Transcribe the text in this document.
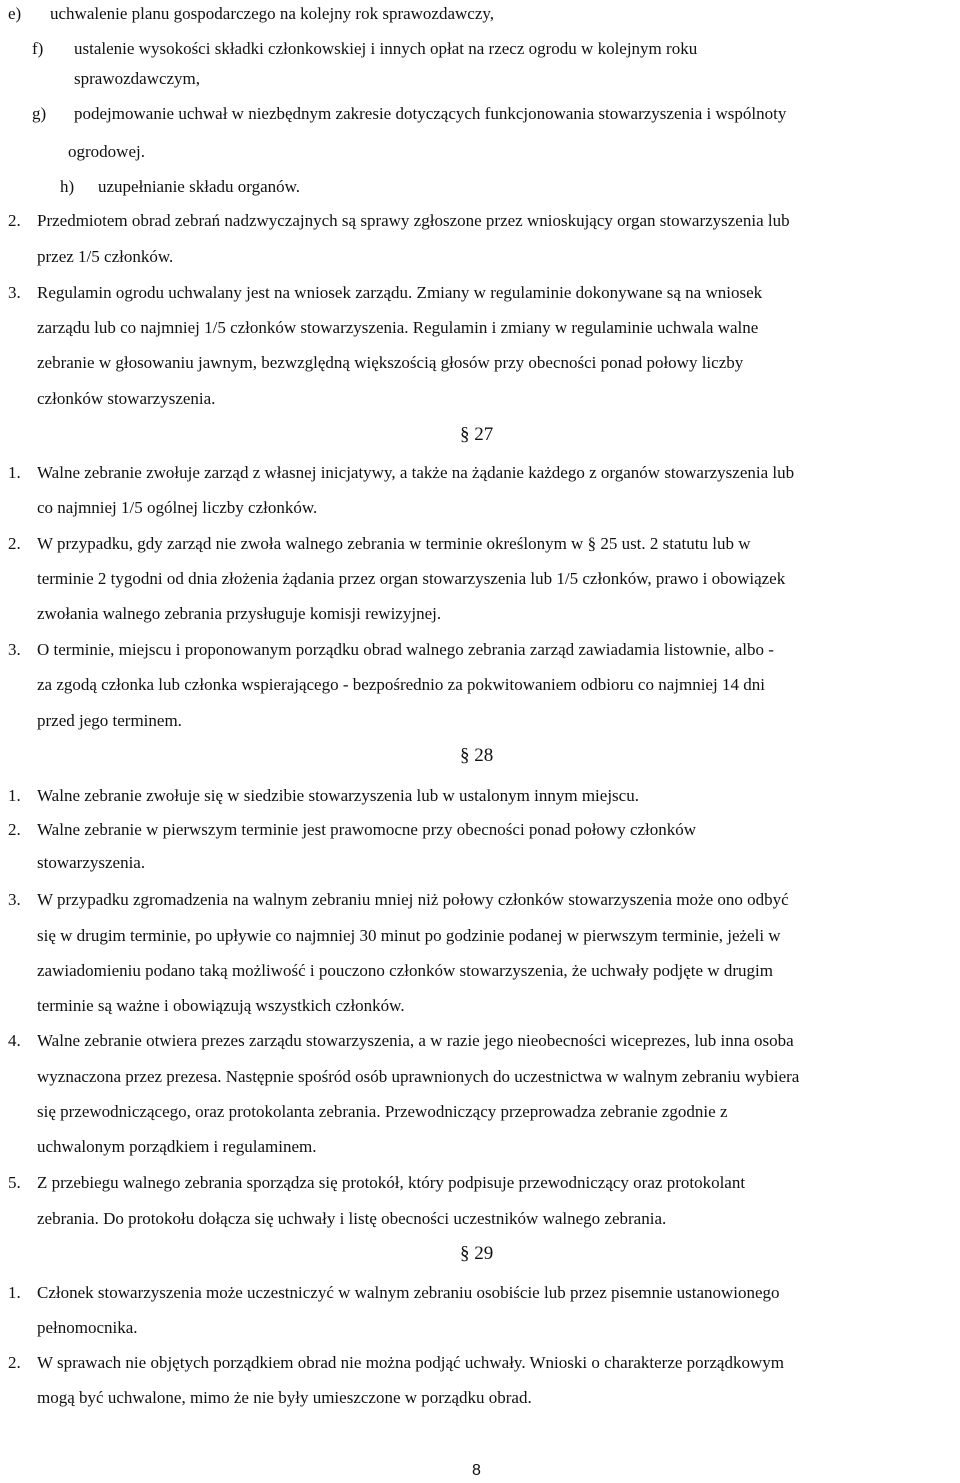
e) uchwalenie planu gospodarczego na kolejny rok sprawozdawczy,
f) ustalenie wysokości składki członkowskiej i innych opłat na rzecz ogrodu w kolejnym roku
sprawozdawczym,
g) podejmowanie uchwał w niezbędnym zakresie dotyczących funkcjonowania stowarzyszenia i wspólnoty
ogrodowej.
h) uzupełnianie składu organów.
2. Przedmiotem obrad zebrań nadzwyczajnych są sprawy zgłoszone przez wnioskujący organ stowarzyszenia lub
przez 1/5 członków.
3. Regulamin ogrodu uchwalany jest na wniosek zarządu. Zmiany w regulaminie dokonywane są na wniosek
zarządu lub co najmniej 1/5 członków stowarzyszenia. Regulamin i zmiany w regulaminie uchwala walne
zebranie w głosowaniu jawnym, bezwzględną większością głosów przy obecności ponad połowy liczby
członków stowarzyszenia.
§ 27
1. Walne zebranie zwołuje zarząd z własnej inicjatywy, a także na żądanie każdego z organów stowarzyszenia lub
co najmniej 1/5 ogólnej liczby członków.
2. W przypadku, gdy zarząd nie zwoła walnego zebrania w terminie określonym w § 25 ust. 2 statutu lub w
terminie 2 tygodni od dnia złożenia żądania przez organ stowarzyszenia lub 1/5 członków, prawo i obowiązek
zwołania walnego zebrania przysługuje komisji rewizyjnej.
3. O terminie, miejscu i proponowanym porządku obrad walnego zebrania zarząd zawiadamia listownie, albo -
za zgodą członka lub członka wspierającego - bezpośrednio za pokwitowaniem odbioru co najmniej 14 dni
przed jego terminem.
§ 28
1. Walne zebranie zwołuje się w siedzibie stowarzyszenia lub w ustalonym innym miejscu.
2. Walne zebranie w pierwszym terminie jest prawomocne przy obecności ponad połowy członków
stowarzyszenia.
3. W przypadku zgromadzenia na walnym zebraniu mniej niż połowy członków stowarzyszenia może ono odbyć
się w drugim terminie, po upływie co najmniej 30 minut po godzinie podanej w pierwszym terminie, jeżeli w
zawiadomieniu podano taką możliwość i pouczono członków stowarzyszenia, że uchwały podjęte w drugim
terminie są ważne i obowiązują wszystkich członków.
4. Walne zebranie otwiera prezes zarządu stowarzyszenia, a w razie jego nieobecności wiceprezes, lub inna osoba
wyznaczona przez prezesa. Następnie spośród osób uprawnionych do uczestnictwa w walnym zebraniu wybiera
się przewodniczącego, oraz protokolanta zebrania. Przewodniczący przeprowadza zebranie zgodnie z
uchwalonym porządkiem i regulaminem.
5. Z przebiegu walnego zebrania sporządza się protokół, który podpisuje przewodniczący oraz protokolant
zebrania. Do protokołu dołącza się uchwały i listę obecności uczestników walnego zebrania.
§ 29
1. Członek stowarzyszenia może uczestniczyć w walnym zebraniu osobiście lub przez pisemnie ustanowionego
pełnomocnika.
2. W sprawach nie objętych porządkiem obrad nie można podjąć uchwały. Wnioski o charakterze porządkowym
mogą być uchwalone, mimo że nie były umieszczone w porządku obrad.
8
